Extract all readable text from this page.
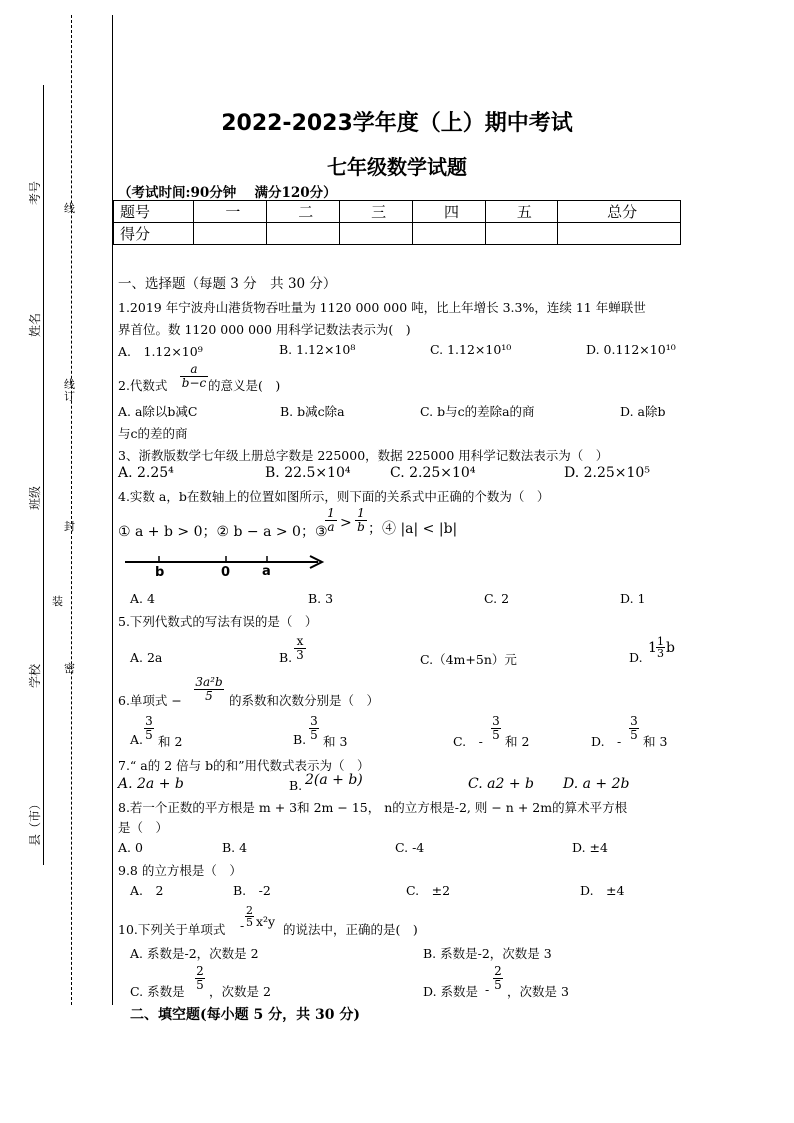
考号
姓名
班级
学校
县（市）
线
订
线
封
装
密
2022-2023学年度（上）期中考试
七年级数学试题
（考试时间:90分钟　 满分120分）
题号	一	二	三	四	五	总分
得分						
一、选择题（每题 3 分　共 30 分）
1.2019 年宁波舟山港货物吞吐量为 1120 000 000 吨，比上年增长 3.3%，连续 11 年蝉联世
界首位。数 1120 000 000 用科学记数法表示为(　)
A.　1.12×10⁹	B. 1.12×10⁸	C. 1.12×10¹⁰	D. 0.112×10¹⁰
2.代数式 $\frac{a}{b-c}$ 的意义是(　)
A. a除以b减C	B. b减c除a	C. b与c的差除a的商	D. a除b
与c的差的商
3、浙教版数学七年级上册总字数是 225000，数据 225000 用科学记数法表示为（　）
A. 2.25⁴	B. 22.5×10⁴	C. 2.25×10⁴	D. 2.25×10⁵
4.实数 a，b在数轴上的位置如图所示，则下面的关系式中正确的个数为（　）
① a + b > 0；② b − a > 0；③
$\frac{1}{a} > \frac{1}{b}$ ；④ |a| < |b|
b	0 a
A. 4	B. 3	C. 2	D. 1
5.下列代数式的写法有误的是（　）
A. 2a	B. $\frac{x}{3}$	C.（4m+5n）元	D.
$1 \frac{1}{3}$ b
6.单项式 − $\frac{\text{3a²b}}{5}$ 的系数和次数分别是（　）
A. $\frac{3}{5}$ 和 2	B. $\frac{3}{5}$ 和 3	C.　- $\frac{3}{5}$ 和 2	D.　- $\frac{3}{5}$ 和 3
7.“ a的 2 倍与 b的和”用代数式表示为（　）
A. 2a + b	B. 2(a + b)	C. a2 + b D. a + 2b
8.若一个正数的平方根是 m + 3和 2m − 15， n的立方根是-2, 则 − n + 2m的算术平方根
是（　）
A. 0	B. 4	C. -4	D. ±4
9.8 的立方根是（　）
A.　2	B.　-2	C.　±2	D.　±4
10.下列关于单项式 - $\frac{2}{5} x^2y$
的说法中，正确的是(　)
A. 系数是-2，次数是 2	B. 系数是-2，次数是 3
C. 系数是 $\frac{2}{5}$ ，次数是 2	D. 系数是 - $\frac{2}{5}$ ，次数是 3
二、填空题(每小题 5 分，共 30 分)
